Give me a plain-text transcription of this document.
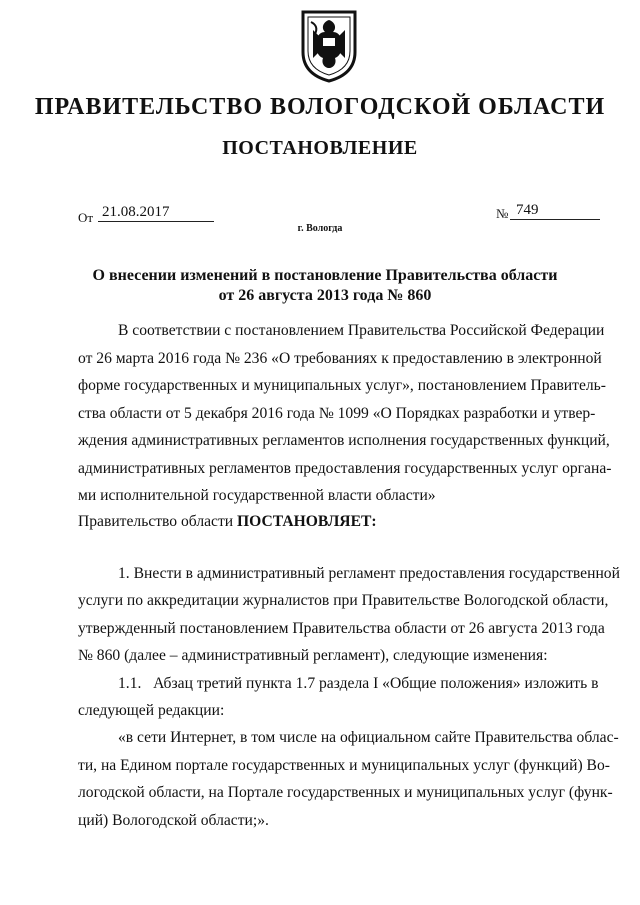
ПРАВИТЕЛЬСТВО ВОЛОГОДСКОЙ ОБЛАСТИ
ПОСТАНОВЛЕНИЕ
От 21.08.2017	№ 749
г. Вологда
О внесении изменений в постановление Правительства области
от 26 августа 2013 года № 860
В соответствии с постановлением Правительства Российской Федерации
от 26 марта 2016 года № 236 «О требованиях к предоставлению в электронной
форме государственных и муниципальных услуг», постановлением Правитель-
ства области от 5 декабря 2016 года № 1099 «О Порядках разработки и утвер-
ждения административных регламентов исполнения государственных функций,
административных регламентов предоставления государственных услуг органа-
ми исполнительной государственной власти области»
Правительство области ПОСТАНОВЛЯЕТ:
1. Внести в административный регламент предоставления государственной
услуги по аккредитации журналистов при Правительстве Вологодской области,
утвержденный постановлением Правительства области от 26 августа 2013 года
№ 860 (далее – административный регламент), следующие изменения:
1.1.   Абзац третий пункта 1.7 раздела I «Общие положения» изложить в
следующей редакции:
«в сети Интернет, в том числе на официальном сайте Правительства облас-
ти, на Едином портале государственных и муниципальных услуг (функций) Во-
логодской области, на Портале государственных и муниципальных услуг (функ-
ций) Вологодской области;».
